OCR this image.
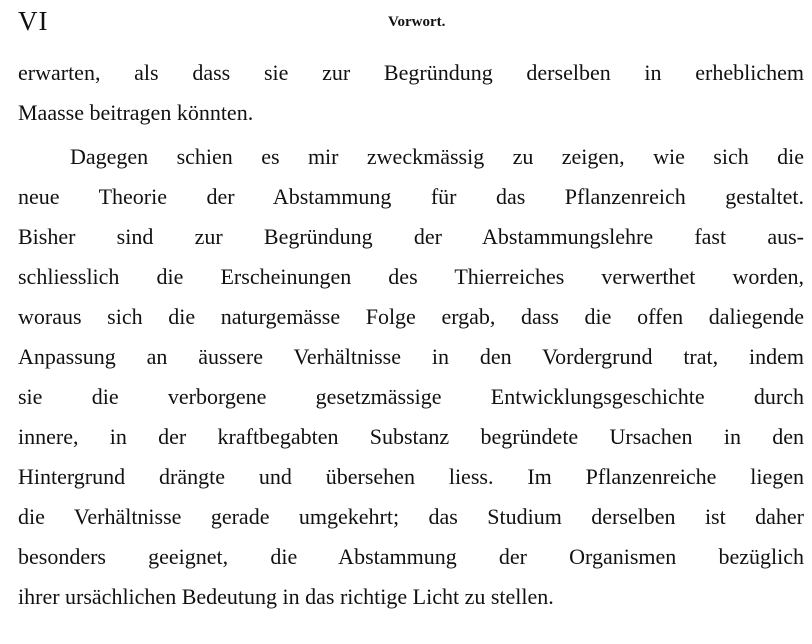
VI	Vorwort.
erwarten, als dass sie zur Begründung derselben in erheblichem
Maasse beitragen könnten.
Dagegen schien es mir zweckmässig zu zeigen, wie sich die
neue Theorie der Abstammung für das Pflanzenreich gestaltet.
Bisher sind zur Begründung der Abstammungslehre fast aus-
schliesslich die Erscheinungen des Thierreiches verwerthet worden,
woraus sich die naturgemässe Folge ergab, dass die offen daliegende
Anpassung an äussere Verhältnisse in den Vordergrund trat, indem
sie die verborgene gesetzmässige Entwicklungsgeschichte durch
innere, in der kraftbegabten Substanz begründete Ursachen in den
Hintergrund drängte und übersehen liess. Im Pflanzenreiche liegen
die Verhältnisse gerade umgekehrt; das Studium derselben ist daher
besonders geeignet, die Abstammung der Organismen bezüglich
ihrer ursächlichen Bedeutung in das richtige Licht zu stellen.
